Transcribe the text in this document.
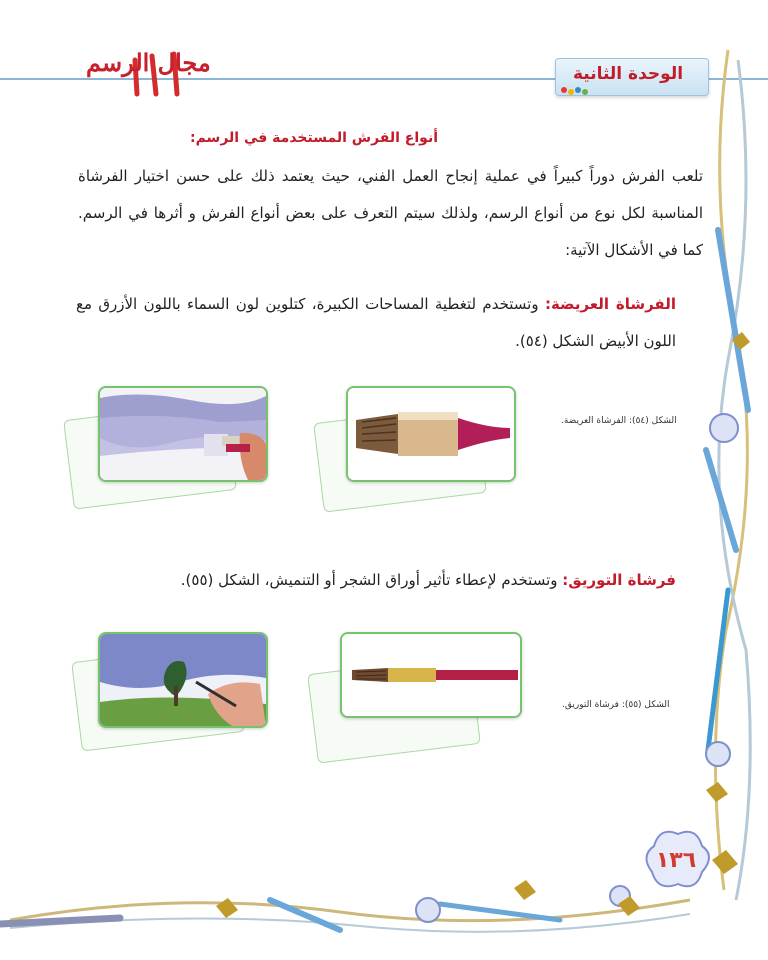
الوحدة الثانية
مجال الرسم
أنواع الفرش المستخدمة في الرسم:
تلعب الفرش دوراً كبيراً في عملية إنجاح العمل الفني، حيث يعتمد ذلك على حسن اختيار الفرشاة المناسبة لكل نوع من أنواع الرسم، ولذلك سيتم التعرف على بعض أنواع الفرش و أثرها في الرسم. كما في الأشكال الآتية:
الفرشاة العريضة: وتستخدم لتغطية المساحات الكبيرة، كتلوين لون السماء باللون الأزرق مع اللون الأبيض الشكل (٥٤).
فرشاة التوريق: وتستخدم لإعطاء تأثير أوراق الشجر أو التنميش، الشكل (٥٥).
الشكل (٥٤): الفرشاة العريضة.
الشكل (٥٥): فرشاة التوريق.
١٣٦
